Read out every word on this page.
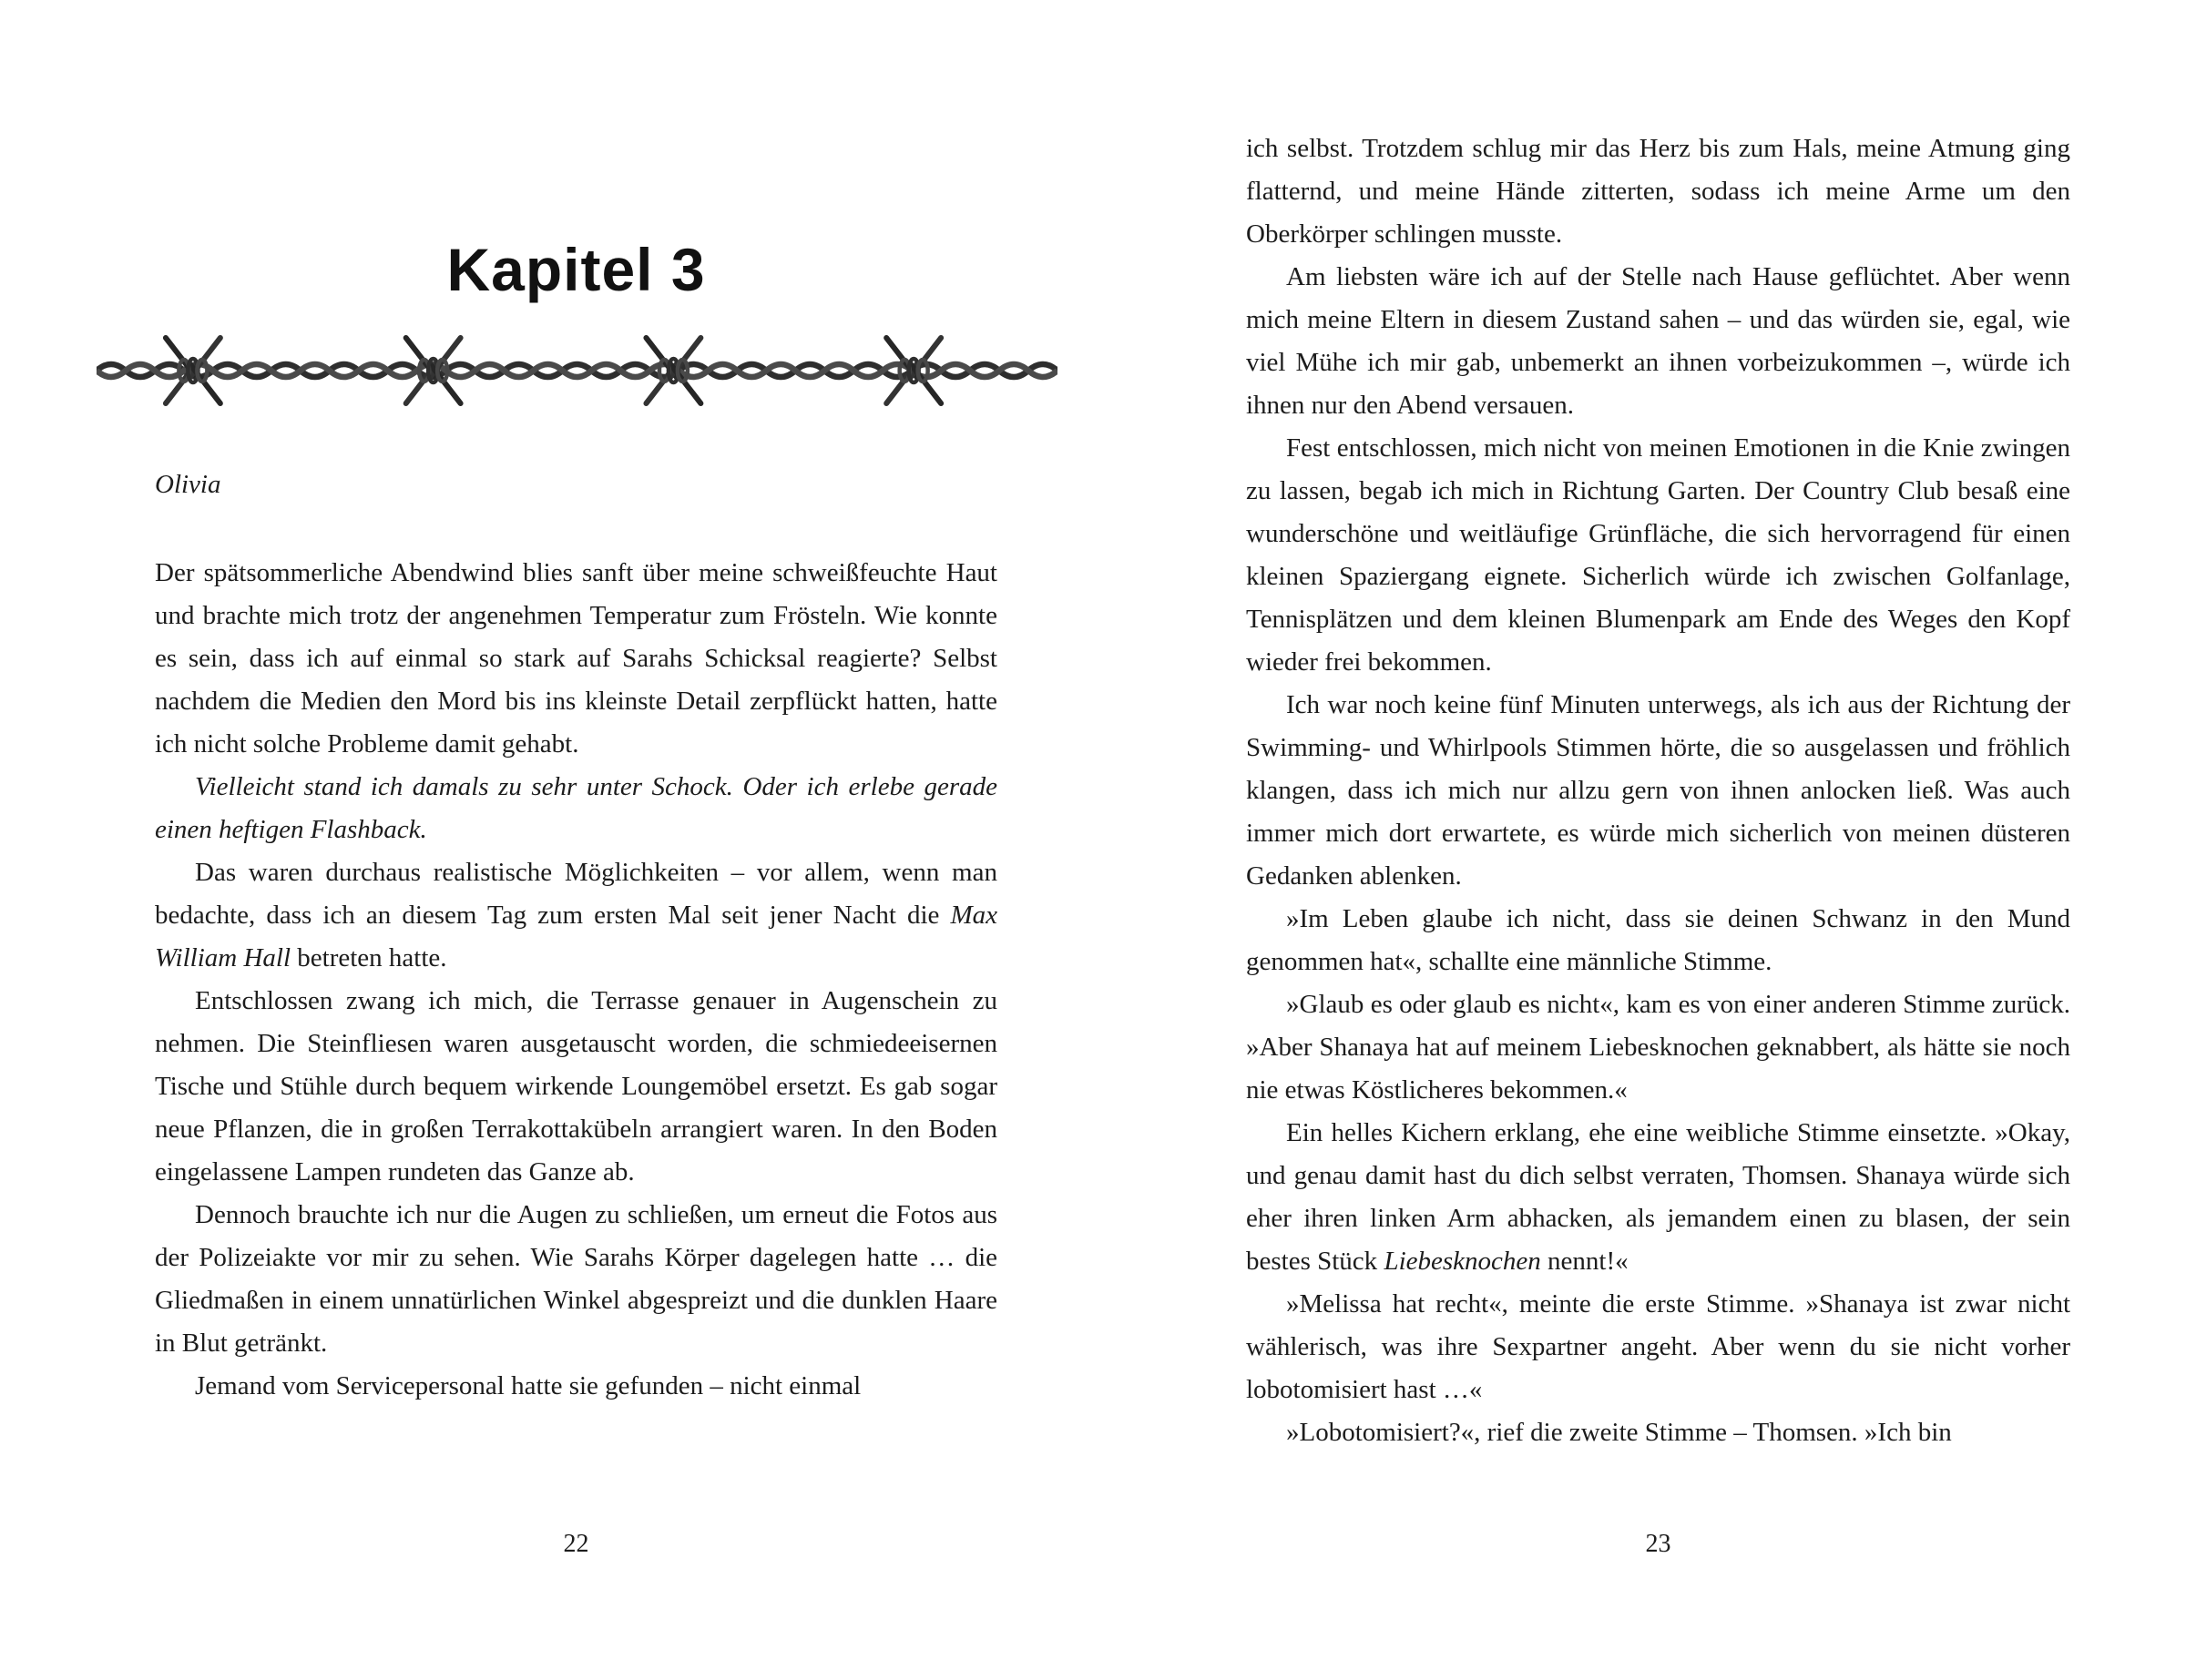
Kapitel 3
Olivia

Der spätsommerliche Abendwind blies sanft über meine schweißfeuchte Haut und brachte mich trotz der angenehmen Temperatur zum Frösteln. Wie konnte es sein, dass ich auf einmal so stark auf Sarahs Schicksal reagierte? Selbst nachdem die Medien den Mord bis ins kleinste Detail zerpflückt hatten, hatte ich nicht solche Probleme damit gehabt.

Vielleicht stand ich damals zu sehr unter Schock. Oder ich erlebe gerade einen heftigen Flashback.

Das waren durchaus realistische Möglichkeiten – vor allem, wenn man bedachte, dass ich an diesem Tag zum ersten Mal seit jener Nacht die Max William Hall betreten hatte.

Entschlossen zwang ich mich, die Terrasse genauer in Augenschein zu nehmen. Die Steinfliesen waren ausgetauscht worden, die schmiedeeisernen Tische und Stühle durch bequem wirkende Loungemöbel ersetzt. Es gab sogar neue Pflanzen, die in großen Terrakottakübeln arrangiert waren. In den Boden eingelassene Lampen rundeten das Ganze ab.

Dennoch brauchte ich nur die Augen zu schließen, um erneut die Fotos aus der Polizeiakte vor mir zu sehen. Wie Sarahs Körper dagelegen hatte … die Gliedmaßen in einem unnatürlichen Winkel abgespreizt und die dunklen Haare in Blut getränkt.

Jemand vom Servicepersonal hatte sie gefunden – nicht einmal

22

ich selbst. Trotzdem schlug mir das Herz bis zum Hals, meine Atmung ging flatternd, und meine Hände zitterten, sodass ich meine Arme um den Oberkörper schlingen musste.

Am liebsten wäre ich auf der Stelle nach Hause geflüchtet. Aber wenn mich meine Eltern in diesem Zustand sahen – und das würden sie, egal, wie viel Mühe ich mir gab, unbemerkt an ihnen vorbeizukommen –, würde ich ihnen nur den Abend versauen.

Fest entschlossen, mich nicht von meinen Emotionen in die Knie zwingen zu lassen, begab ich mich in Richtung Garten. Der Country Club besaß eine wunderschöne und weitläufige Grünfläche, die sich hervorragend für einen kleinen Spaziergang eignete. Sicherlich würde ich zwischen Golfanlage, Tennisplätzen und dem kleinen Blumenpark am Ende des Weges den Kopf wieder frei bekommen.

Ich war noch keine fünf Minuten unterwegs, als ich aus der Richtung der Swimming- und Whirlpools Stimmen hörte, die so ausgelassen und fröhlich klangen, dass ich mich nur allzu gern von ihnen anlocken ließ. Was auch immer mich dort erwartete, es würde mich sicherlich von meinen düsteren Gedanken ablenken.

»Im Leben glaube ich nicht, dass sie deinen Schwanz in den Mund genommen hat«, schallte eine männliche Stimme.

»Glaub es oder glaub es nicht«, kam es von einer anderen Stimme zurück. »Aber Shanaya hat auf meinem Liebesknochen geknabbert, als hätte sie noch nie etwas Köstlicheres bekommen.«

Ein helles Kichern erklang, ehe eine weibliche Stimme einsetzte. »Okay, und genau damit hast du dich selbst verraten, Thomsen. Shanaya würde sich eher ihren linken Arm abhacken, als jemandem einen zu blasen, der sein bestes Stück Liebesknochen nennt!«

»Melissa hat recht«, meinte die erste Stimme. »Shanaya ist zwar nicht wählerisch, was ihre Sexpartner angeht. Aber wenn du sie nicht vorher lobotomisiert hast …«

»Lobotomisiert?«, rief die zweite Stimme – Thomsen. »Ich bin

23
